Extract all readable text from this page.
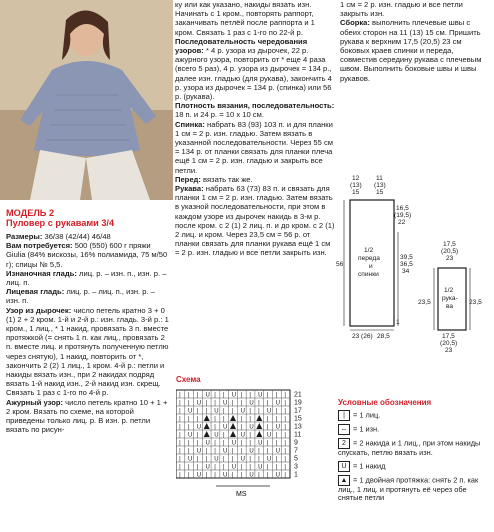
МОДЕЛЬ 2
Пуловер с рукавами 3/4
Размеры: 36/38 (42/44) 46/48
Вам потребуется: 500 (550) 600 г пряжи Giulia (84% вискозы, 16% полиамида, 75 м/50 г); спицы № 5,5.
Изнаночная гладь: лиц. р. – изн. п., изн. р. – лиц. п.
Лицевая гладь: лиц. р. – лиц. п., изн. р. – изн. п.
Узор из дырочек: число петель кратно 3 + 0 (1) 2 + 2 кром. 1-й и 2-й р.: изн. гладь. 3-й р.: 1 кром., 1 лиц., * 1 накид, провязать 3 п. вместе протяжкой (= снять 1 п. как лиц., провязать 2 п. вместе лиц. и протянуть полученную петлю через снятую), 1 накид, повторить от *, закончить 2 (2) 1 лиц., 1 кром. 4-й р.: петли и накиды вязать изн., при 2 накидах подряд вязать 1-й накид изн., 2-й накид изн. скрещ. Связать 1 раз с 1-го по 4-й р.
Ажурный узор: число петель кратно 10 + 1 + 2 кром. Вязать по схеме, на которой приведены только лиц. р. В изн. р. петли вязать по рисун-
ку или как указано, накиды вязать изн. Начинать с 1 кром., повторять раппорт, заканчивать петлёй после раппорта и 1 кром. Связать 1 раз с 1-го по 22-й р.
Последовательность чередования узоров: * 4 р. узора из дырочек, 22 р. ажурного узора, повторить от * еще 4 раза (всего 5 раз), 4 р. узора из дырочек = 134 р., далее изн. гладью (для рукава), закончить 4 р. узора из дырочек = 134 р. (спинка) или 56 р. (рукава).
Плотность вязания, последовательность: 18 п. и 24 р. = 10 х 10 см.
Спинка: набрать 83 (93) 103 п. и для планки 1 см = 2 р. изн. гладью. Затем вязать в указанной последовательности. Через 55 см = 134 р. от планки связать для планки плеча ещё 1 см = 2 р. изн. гладью и закрыть все петли.
Перед: вязать так же.
Рукава: набрать 63 (73) 83 п. и связать для планки 1 см = 2 р. изн. гладью. Затем вязать в указной последовательности, при этом в каждом узоре из дырочек накидь в 3-м р. после кром. с 2 (1) 2 лиц. п. и до кром. с 2 (1) 2 лиц. и кром. Через 23,5 см = 56 р. от планки связать для планки рукава ещё 1 см = 2 р. изн. гладью и все петли закрыть изн.
1 см = 2 р. изн. гладью и все петли закрыть изн.
Сборка: выполнить плечевые швы с обеих сторон на 11 (13) 15 см. Пришить рукава к верхним 17,5 (20,5) 23 см боковых краев спинки и переда, совместив середину рукава с плечевым швом. Выполнить боковые швы и швы рукавов.
12
(13)
15
11
(13)
15
16,5
(19,5)
22
56
1/2
переда
и
спинки
39,5
36,5
34
23 (26) 28,5
1
17,5
(20,5)
23
1/2
рука-
ва
23,5	23,5
17,5
(20,5)
23
Схема
| | | U | | U | | U | | |
| | U | | U | | U | | U |
| U | | U | | U | | U | |
| | |	| |	| |	| | |
| | U | U | U | U |
| U |	U |	U |	U | |
| | | U | | U | | U | | |
| | U | | U | | U | | U |
| U | | U | | U | | U | |
| | | U | | U | | U | | |
| | U | | U | | U | | U |
21
19
17
15
13
11
9
7
5
3
1
MS
Условные обозначения
| = 1 лиц.
– = 1 изн.
2 = 2 накида и 1 лиц., при этом накиды спускать, петлю вязать изн.
U = 1 накид
▲ = 1 двойная протяжка: снять 2 п. как лиц., 1 лиц. и протянуть её через обе снятые петли
